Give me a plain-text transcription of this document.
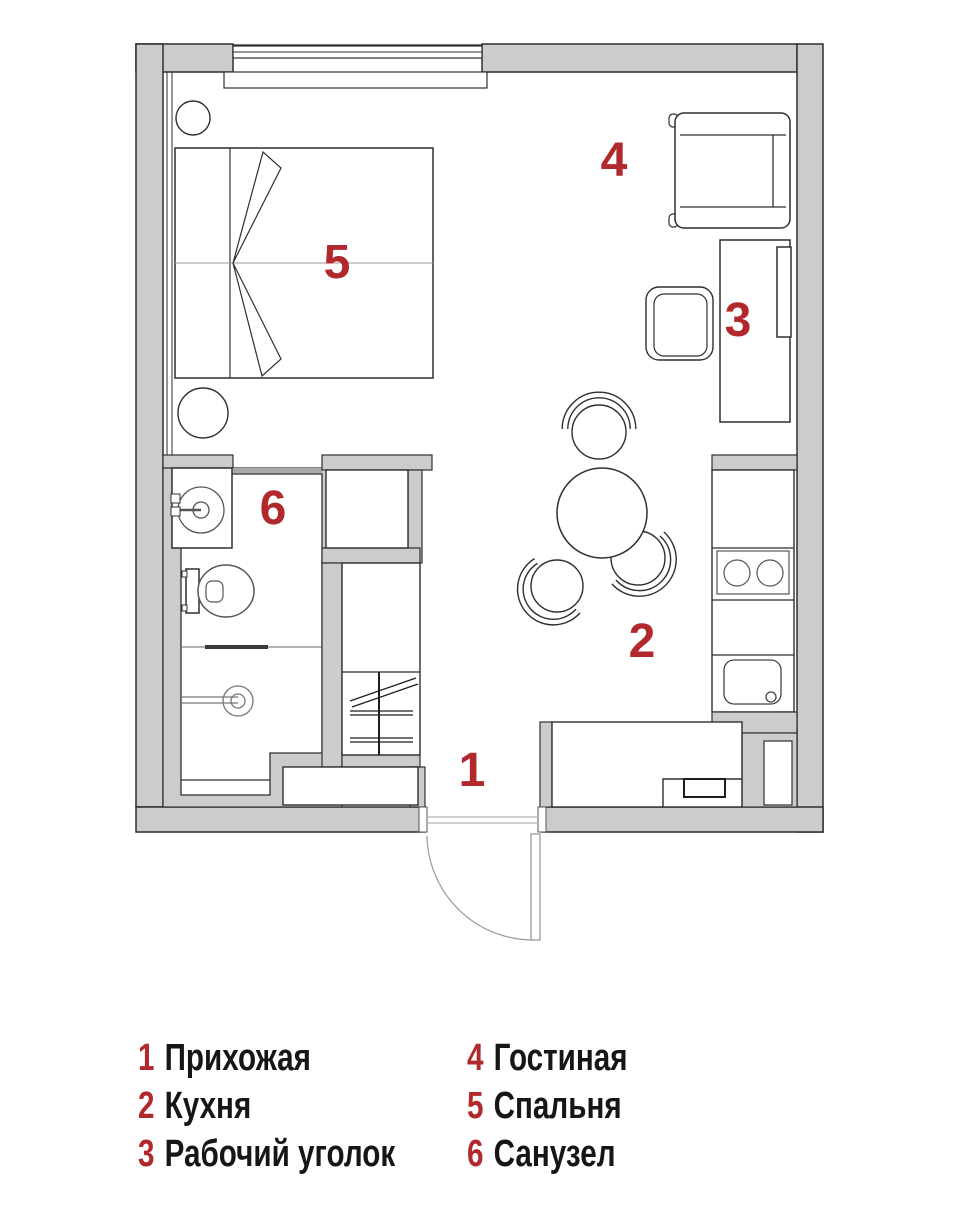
1
2
3
4
5
6
1 Прихожая
2 Кухня
3 Рабочий уголок
4 Гостиная
5 Спальня
6 Санузел
